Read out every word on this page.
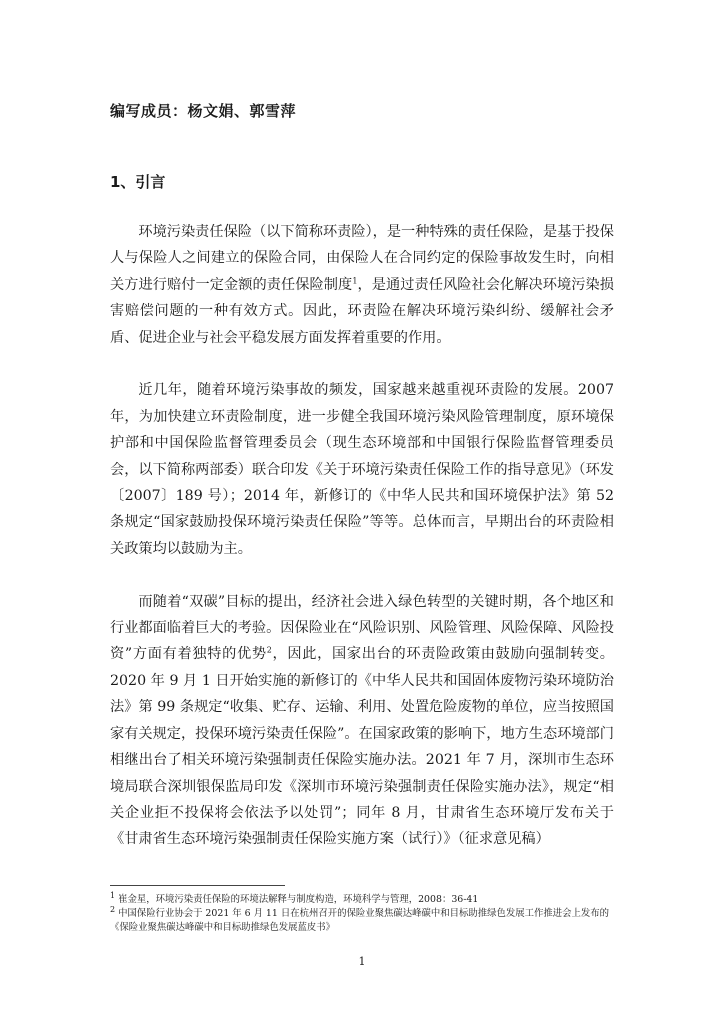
编写成员：杨文娟、郭雪萍
1、引言

环境污染责任保险（以下简称环责险），是一种特殊的责任保险，是基于投保人与保险人之间建立的保险合同，由保险人在合同约定的保险事故发生时，向相关方进行赔付一定金额的责任保险制度$^1$，是通过责任风险社会化解决环境污染损害赔偿问题的一种有效方式。因此，环责险在解决环境污染纠纷、缓解社会矛盾、促进企业与社会平稳发展方面发挥着重要的作用。

近几年，随着环境污染事故的频发，国家越来越重视环责险的发展。2007年，为加快建立环责险制度，进一步健全我国环境污染风险管理制度，原环境保护部和中国保险监督管理委员会（现生态环境部和中国银行保险监督管理委员会，以下简称两部委）联合印发《关于环境污染责任保险工作的指导意见》（环发〔2007〕189 号）；2014 年，新修订的《中华人民共和国环境保护法》第 52 条规定“国家鼓励投保环境污染责任保险”等等。总体而言，早期出台的环责险相关政策均以鼓励为主。

而随着“双碳”目标的提出，经济社会进入绿色转型的关键时期，各个地区和行业都面临着巨大的考验。因保险业在“风险识别、风险管理、风险保障、风险投资”方面有着独特的优势$^2$，因此，国家出台的环责险政策由鼓励向强制转变。2020 年 9 月 1 日开始实施的新修订的《中华人民共和国固体废物污染环境防治法》第 99 条规定“收集、贮存、运输、利用、处置危险废物的单位，应当按照国家有关规定，投保环境污染责任保险”。在国家政策的影响下，地方生态环境部门相继出台了相关环境污染强制责任保险实施办法。2021 年 7 月，深圳市生态环境局联合深圳银保监局印发《深圳市环境污染强制责任保险实施办法》，规定“相关企业拒不投保将会依法予以处罚”；同年 8 月，甘肃省生态环境厅发布关于《甘肃省生态环境污染强制责任保险实施方案（试行）》（征求意见稿）

$^1$ 崔金星，环境污染责任保险的环境法解释与制度构造，环境科学与管理，2008：36-41
$^2$ 中国保险行业协会于 2021 年 6 月 11 日在杭州召开的保险业聚焦碳达峰碳中和目标助推绿色发展工作推进会上发布的《保险业聚焦碳达峰碳中和目标助推绿色发展蓝皮书》
1
